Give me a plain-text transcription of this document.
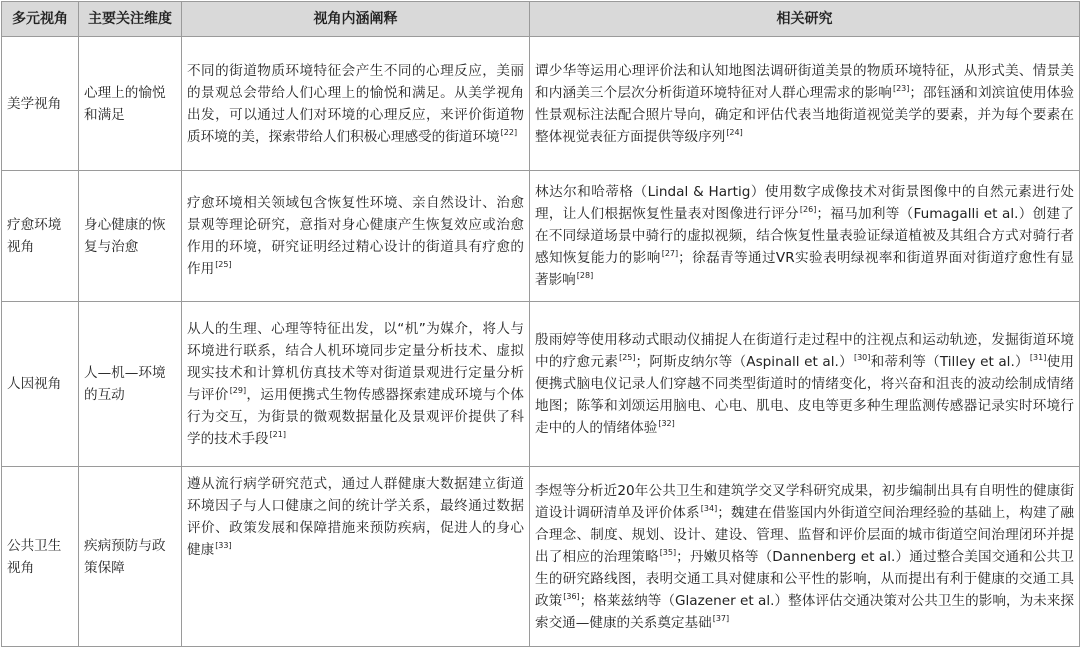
多元视角	主要关注维度	视角内涵阐释	相关研究
美学视角	心理上的愉悦和满足	不同的街道物质环境特征会产生不同的心理反应，美丽的景观总会带给人们心理上的愉悦和满足。从美学视角出发，可以通过人们对环境的心理反应，来评价街道物质环境的美，探索带给人们积极心理感受的街道环境[22]	谭少华等运用心理评价法和认知地图法调研街道美景的物质环境特征，从形式美、情景美和内涵美三个层次分析街道环境特征对人群心理需求的影响[23]；邵钰涵和刘滨谊使用体验性景观标注法配合照片导向，确定和评估代表当地街道视觉美学的要素，并为每个要素在整体视觉表征方面提供等级序列[24]
疗愈环境视角	身心健康的恢复与治愈	疗愈环境相关领域包含恢复性环境、亲自然设计、治愈景观等理论研究，意指对身心健康产生恢复效应或治愈作用的环境，研究证明经过精心设计的街道具有疗愈的作用[25]	林达尔和哈蒂格（Lindal & Hartig）使用数字成像技术对街景图像中的自然元素进行处理，让人们根据恢复性量表对图像进行评分[26]；福马加利等（Fumagalli et al.）创建了在不同绿道场景中骑行的虚拟视频，结合恢复性量表验证绿道植被及其组合方式对骑行者感知恢复能力的影响[27]；徐磊青等通过VR实验表明绿视率和街道界面对街道疗愈性有显著影响[28]
人因视角	人—机—环境的互动	从人的生理、心理等特征出发，以“机”为媒介，将人与环境进行联系，结合人机环境同步定量分析技术、虚拟现实技术和计算机仿真技术等对街道景观进行定量分析与评价[29]，运用便携式生物传感器探索建成环境与个体行为交互，为街景的微观数据量化及景观评价提供了科学的技术手段[21]	殷雨婷等使用移动式眼动仪捕捉人在街道行走过程中的注视点和运动轨迹，发掘街道环境中的疗愈元素[25]；阿斯皮纳尔等（Aspinall et al.）[30]和蒂利等（Tilley et al.）[31]使用便携式脑电仪记录人们穿越不同类型街道时的情绪变化，将兴奋和沮丧的波动绘制成情绪地图；陈筝和刘颂运用脑电、心电、肌电、皮电等更多种生理监测传感器记录实时环境行走中的人的情绪体验[32]
公共卫生视角	疾病预防与政策保障	遵从流行病学研究范式，通过人群健康大数据建立街道环境因子与人口健康之间的统计学关系，最终通过数据评价、政策发展和保障措施来预防疾病，促进人的身心健康[33]	李煜等分析近20年公共卫生和建筑学交叉学科研究成果，初步编制出具有自明性的健康街道设计调研清单及评价体系[34]；魏建在借鉴国内外街道空间治理经验的基础上，构建了融合理念、制度、规划、设计、建设、管理、监督和评价层面的城市街道空间治理闭环并提出了相应的治理策略[35]；丹嫩贝格等（Dannenberg et al.）通过整合美国交通和公共卫生的研究路线图，表明交通工具对健康和公平性的影响，从而提出有利于健康的交通工具政策[36]；格莱兹纳等（Glazener et al.）整体评估交通决策对公共卫生的影响，为未来探索交通—健康的关系奠定基础[37]
